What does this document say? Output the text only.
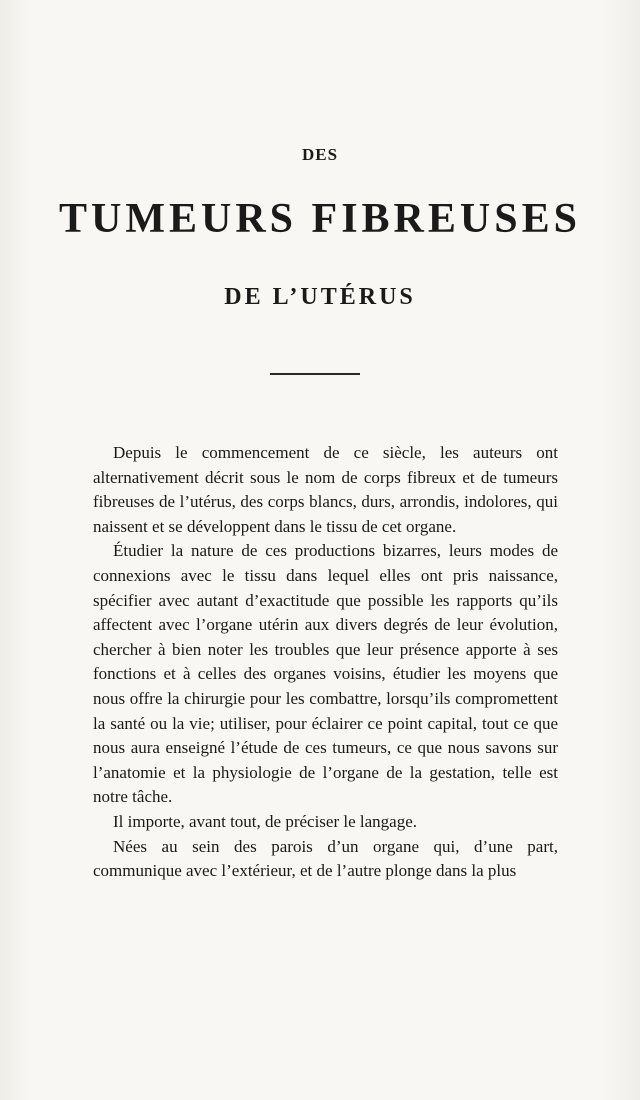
DES
TUMEURS FIBREUSES
DE L’UTÉRUS

Depuis le commencement de ce siècle, les auteurs ont alternativement décrit sous le nom de corps fibreux et de tumeurs fibreuses de l’utérus, des corps blancs, durs, arrondis, indolores, qui naissent et se développent dans le tissu de cet organe.

Étudier la nature de ces productions bizarres, leurs modes de connexions avec le tissu dans lequel elles ont pris naissance, spécifier avec autant d’exactitude que possible les rapports qu’ils affectent avec l’organe utérin aux divers degrés de leur évolution, chercher à bien noter les troubles que leur présence apporte à ses fonctions et à celles des organes voisins, étudier les moyens que nous offre la chirurgie pour les combattre, lorsqu’ils compromettent la santé ou la vie; utiliser, pour éclairer ce point capital, tout ce que nous aura enseigné l’étude de ces tumeurs, ce que nous savons sur l’anatomie et la physiologie de l’organe de la gestation, telle est notre tâche.

Il importe, avant tout, de préciser le langage.

Nées au sein des parois d’un organe qui, d’une part, communique avec l’extérieur, et de l’autre plonge dans la plus
